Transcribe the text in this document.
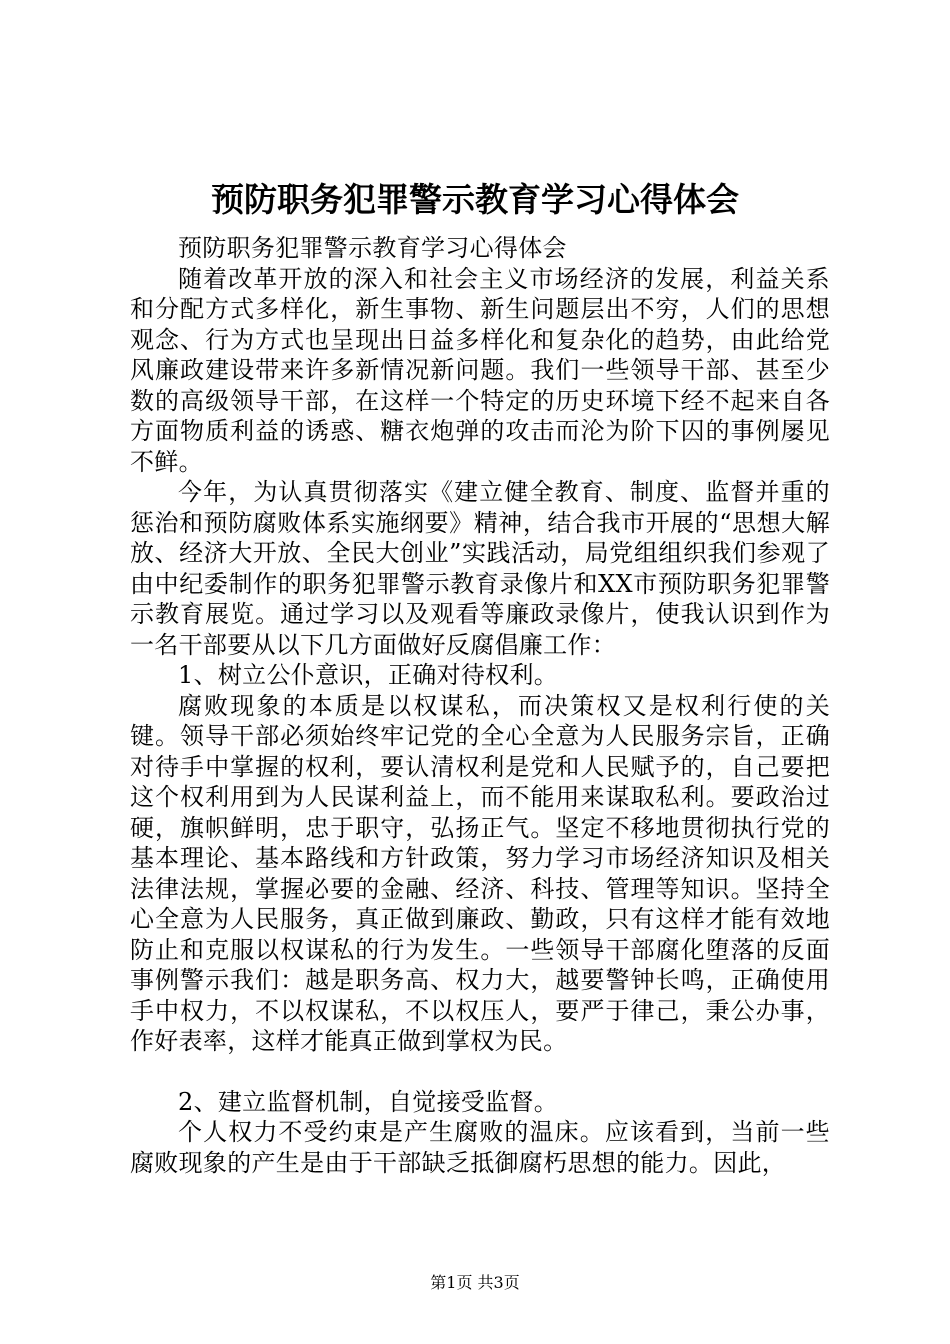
预防职务犯罪警示教育学习心得体会

预防职务犯罪警示教育学习心得体会

随着改革开放的深入和社会主义市场经济的发展，利益关系和分配方式多样化，新生事物、新生问题层出不穷，人们的思想观念、行为方式也呈现出日益多样化和复杂化的趋势，由此给党风廉政建设带来许多新情况新问题。我们一些领导干部、甚至少数的高级领导干部，在这样一个特定的历史环境下经不起来自各方面物质利益的诱惑、糖衣炮弹的攻击而沦为阶下囚的事例屡见不鲜。

今年，为认真贯彻落实《建立健全教育、制度、监督并重的惩治和预防腐败体系实施纲要》精神，结合我市开展的“思想大解放、经济大开放、全民大创业”实践活动，局党组组织我们参观了由中纪委制作的职务犯罪警示教育录像片和XX市预防职务犯罪警示教育展览。通过学习以及观看等廉政录像片，使我认识到作为一名干部要从以下几方面做好反腐倡廉工作：

1、树立公仆意识，正确对待权利。

腐败现象的本质是以权谋私，而决策权又是权利行使的关键。领导干部必须始终牢记党的全心全意为人民服务宗旨，正确对待手中掌握的权利，要认清权利是党和人民赋予的，自己要把这个权利用到为人民谋利益上，而不能用来谋取私利。要政治过硬，旗帜鲜明，忠于职守，弘扬正气。坚定不移地贯彻执行党的基本理论、基本路线和方针政策，努力学习市场经济知识及相关法律法规，掌握必要的金融、经济、科技、管理等知识。坚持全心全意为人民服务，真正做到廉政、勤政，只有这样才能有效地防止和克服以权谋私的行为发生。一些领导干部腐化堕落的反面事例警示我们：越是职务高、权力大，越要警钟长鸣，正确使用手中权力，不以权谋私，不以权压人，要严于律己，秉公办事，作好表率，这样才能真正做到掌权为民。

2、建立监督机制，自觉接受监督。

个人权力不受约束是产生腐败的温床。应该看到，当前一些腐败现象的产生是由于干部缺乏抵御腐朽思想的能力。因此，

第1页 共3页
